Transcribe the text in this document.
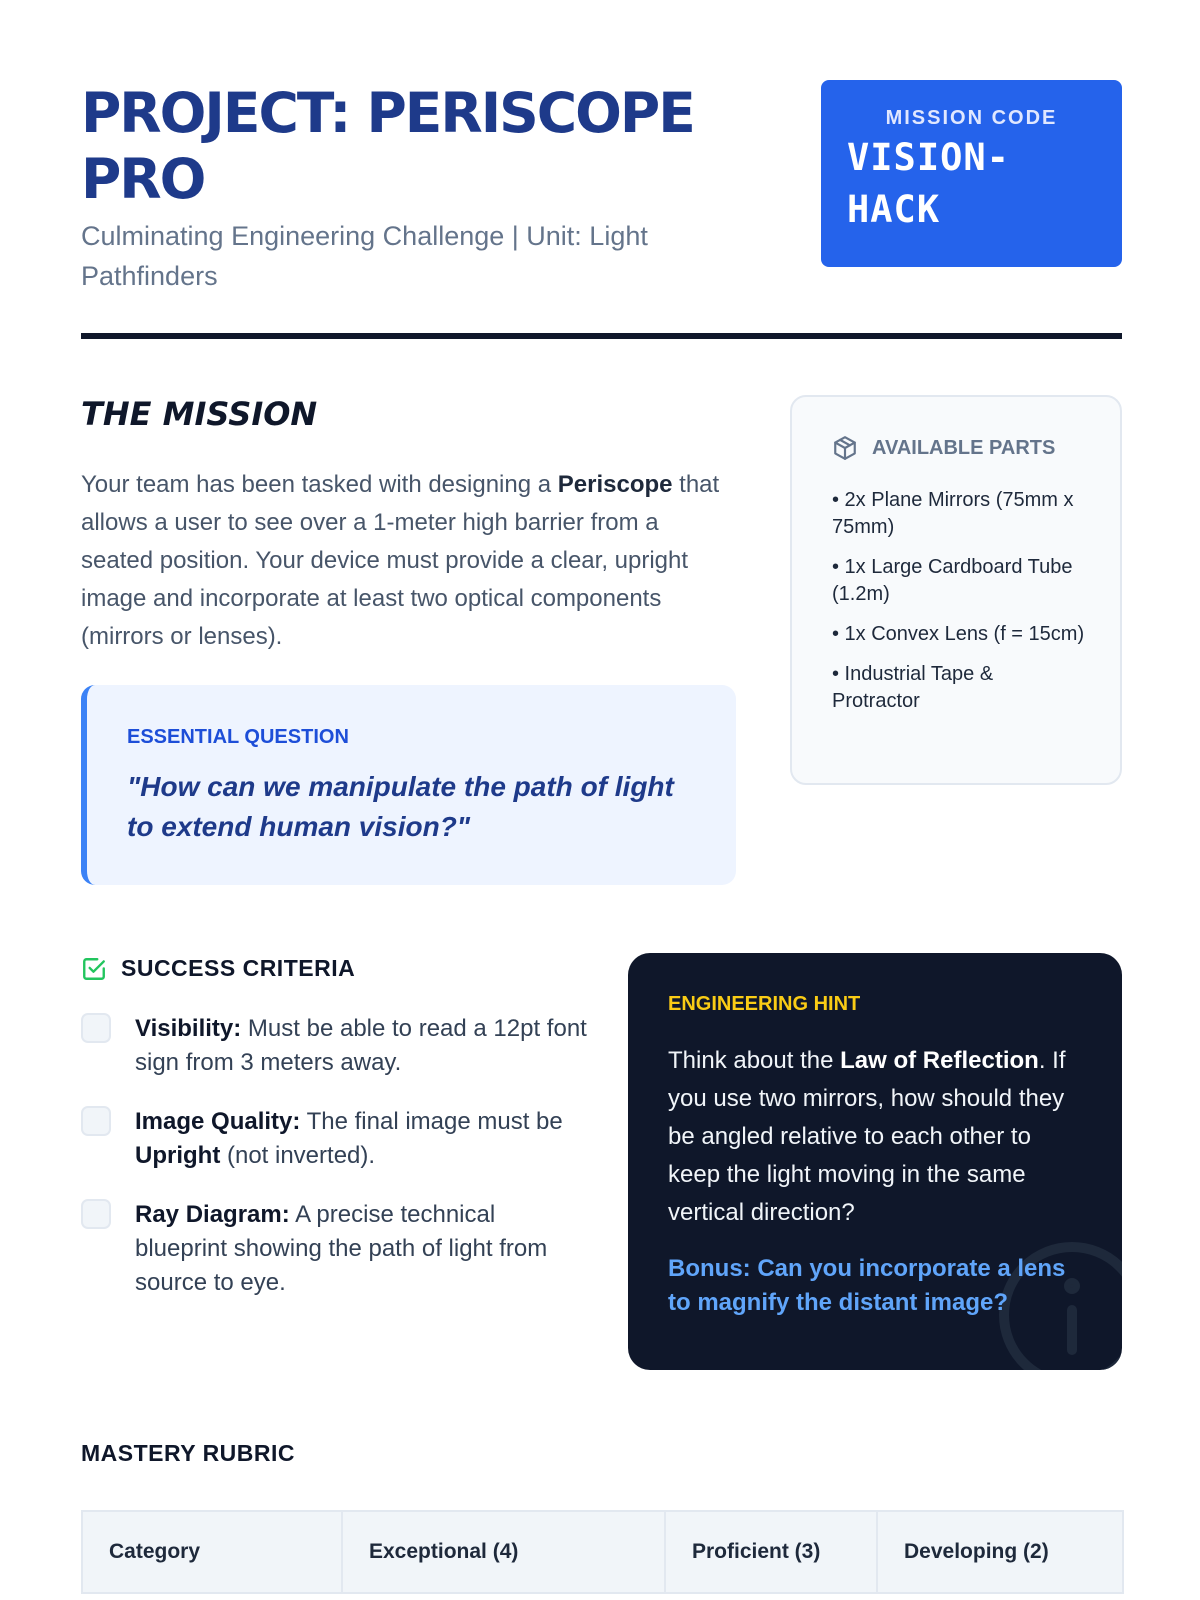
PROJECT: PERISCOPE PRO
Culminating Engineering Challenge | Unit: Light Pathfinders
MISSION CODE
VISION-HACK
THE MISSION

Your team has been tasked with designing a Periscope that allows a user to see over a 1-meter high barrier from a seated position. Your device must provide a clear, upright image and incorporate at least two optical components (mirrors or lenses).

ESSENTIAL QUESTION
"How can we manipulate the path of light to extend human vision?"
AVAILABLE PARTS
• 2x Plane Mirrors (75mm x 75mm)
• 1x Large Cardboard Tube (1.2m)
• 1x Convex Lens (f = 15cm)
• Industrial Tape & Protractor
SUCCESS CRITERIA
Visibility: Must be able to read a 12pt font sign from 3 meters away.
Image Quality: The final image must be Upright (not inverted).
Ray Diagram: A precise technical blueprint showing the path of light from source to eye.
ENGINEERING HINT
Think about the Law of Reflection. If you use two mirrors, how should they be angled relative to each other to keep the light moving in the same vertical direction?
Bonus: Can you incorporate a lens to magnify the distant image?
MASTERY RUBRIC
Category	Exceptional (4)	Proficient (3)	Developing (2)
